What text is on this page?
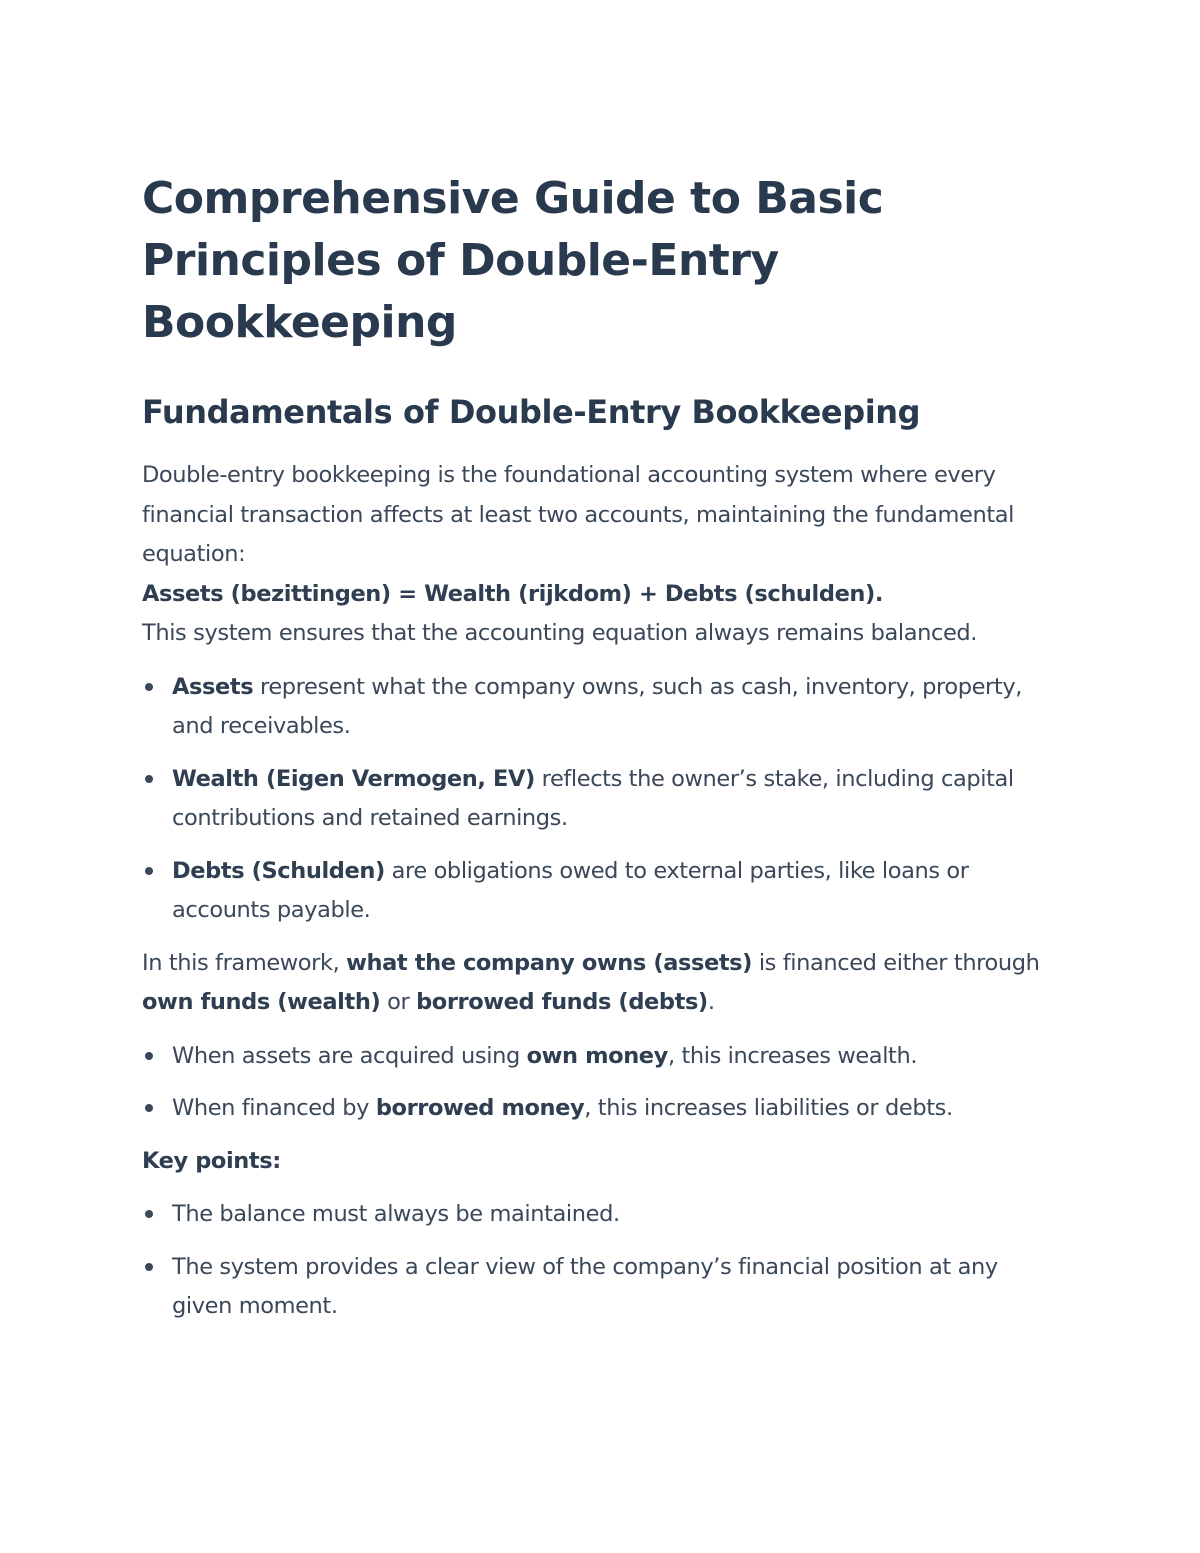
Comprehensive Guide to Basic Principles of Double-Entry Bookkeeping
Fundamentals of Double-Entry Bookkeeping

Double-entry bookkeeping is the foundational accounting system where every financial transaction affects at least two accounts, maintaining the fundamental equation:
Assets (bezittingen) = Wealth (rijkdom) + Debts (schulden).
This system ensures that the accounting equation always remains balanced.

Assets represent what the company owns, such as cash, inventory, property, and receivables.
Wealth (Eigen Vermogen, EV) reflects the owner’s stake, including capital contributions and retained earnings.
Debts (Schulden) are obligations owed to external parties, like loans or accounts payable.

In this framework, what the company owns (assets) is financed either through own funds (wealth) or borrowed funds (debts).

When assets are acquired using own money, this increases wealth.
When financed by borrowed money, this increases liabilities or debts.

Key points:

The balance must always be maintained.
The system provides a clear view of the company’s financial position at any given moment.
